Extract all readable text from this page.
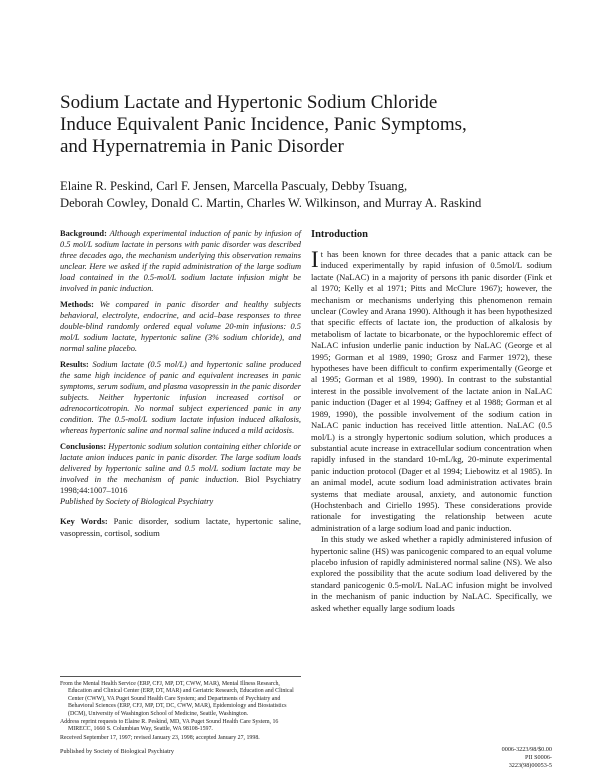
Sodium Lactate and Hypertonic Sodium Chloride
Induce Equivalent Panic Incidence, Panic Symptoms,
and Hypernatremia in Panic Disorder
Elaine R. Peskind, Carl F. Jensen, Marcella Pascualy, Debby Tsuang,
Deborah Cowley, Donald C. Martin, Charles W. Wilkinson, and Murray A. Raskind

Background: Although experimental induction of panic by infusion of 0.5 mol/L sodium lactate in persons with panic disorder was described three decades ago, the mechanism underlying this observation remains unclear. Here we asked if the rapid administration of the large sodium load contained in the 0.5-mol/L sodium lactate infusion might be involved in panic induction.

Methods: We compared in panic disorder and healthy subjects behavioral, electrolyte, endocrine, and acid–base responses to three double-blind randomly ordered equal volume 20-min infusions: 0.5 mol/L sodium lactate, hypertonic saline (3% sodium chloride), and normal saline placebo.

Results: Sodium lactate (0.5 mol/L) and hypertonic saline produced the same high incidence of panic and equivalent increases in panic symptoms, serum sodium, and plasma vasopressin in the panic disorder subjects. Neither hypertonic infusion increased cortisol or adrenocorticotropin. No normal subject experienced panic in any condition. The 0.5-mol/L sodium lactate infusion induced alkalosis, whereas hypertonic saline and normal saline induced a mild acidosis.

Conclusions: Hypertonic sodium solution containing either chloride or lactate anion induces panic in panic disorder. The large sodium loads delivered by hypertonic saline and 0.5 mol/L sodium lactate may be involved in the mechanism of panic induction. Biol Psychiatry 1998;44:1007–1016
Published by Society of Biological Psychiatry

Key Words: Panic disorder, sodium lactate, hypertonic saline, vasopressin, cortisol, sodium

From the Mental Health Service (ERP, CFJ, MP, DT, CWW, MAR), Mental Illness Research, Education and Clinical Center (ERP, DT, MAR) and Geriatric Research, Education and Clinical Center (CWW), VA Puget Sound Health Care System; and Departments of Psychiatry and Behavioral Sciences (ERP, CFJ, MP, DT, DC, CWW, MAR), Epidemiology and Biostatistics (DCM), University of Washington School of Medicine, Seattle, Washington.

Address reprint requests to Elaine R. Peskind, MD, VA Puget Sound Health Care System, 16 MIRECC, 1660 S. Columbian Way, Seattle, WA 98108-1597.

Received September 17, 1997; revised January 23, 1998; accepted January 27, 1998.

Introduction

It has been known for three decades that a panic attack can be induced experimentally by rapid infusion of 0.5mol/L sodium lactate (NaLAC) in a majority of persons ith panic disorder (Fink et al 1970; Kelly et al 1971; Pitts and McClure 1967); however, the mechanism or mechanisms underlying this phenomenon remain unclear (Cowley and Arana 1990). Although it has been hypothesized that specific effects of lactate ion, the production of alkalosis by metabolism of lactate to bicarbonate, or the hypochloremic effect of NaLAC infusion underlie panic induction by NaLAC (George et al 1995; Gorman et al 1989, 1990; Grosz and Farmer 1972), these hypotheses have been difficult to confirm experimentally (George et al 1995; Gorman et al 1989, 1990). In contrast to the substantial interest in the possible involvement of the lactate anion in NaLAC panic induction (Dager et al 1994; Gaffney et al 1988; Gorman et al 1989, 1990), the possible involvement of the sodium cation in NaLAC panic induction has received little attention. NaLAC (0.5 mol/L) is a strongly hypertonic sodium solution, which produces a substantial acute increase in extracellular sodium concentration when rapidly infused in the standard 10-mL/kg, 20-minute experimental panic induction protocol (Dager et al 1994; Liebowitz et al 1985). In an animal model, acute sodium load administration activates brain systems that mediate arousal, anxiety, and autonomic function (Hochstenbach and Ciriello 1995). These considerations provide rationale for investigating the relationship between acute administration of a large sodium load and panic induction.

In this study we asked whether a rapidly administered infusion of hypertonic saline (HS) was panicogenic compared to an equal volume placebo infusion of rapidly administered normal saline (NS). We also explored the possibility that the acute sodium load delivered by the standard panicogenic 0.5-mol/L NaLAC infusion might be involved in the mechanism of panic induction by NaLAC. Specifically, we asked whether equally large sodium loads

Published by Society of Biological Psychiatry	0006-3223/98/$0.00
PII S0006-3223(98)00053-5
